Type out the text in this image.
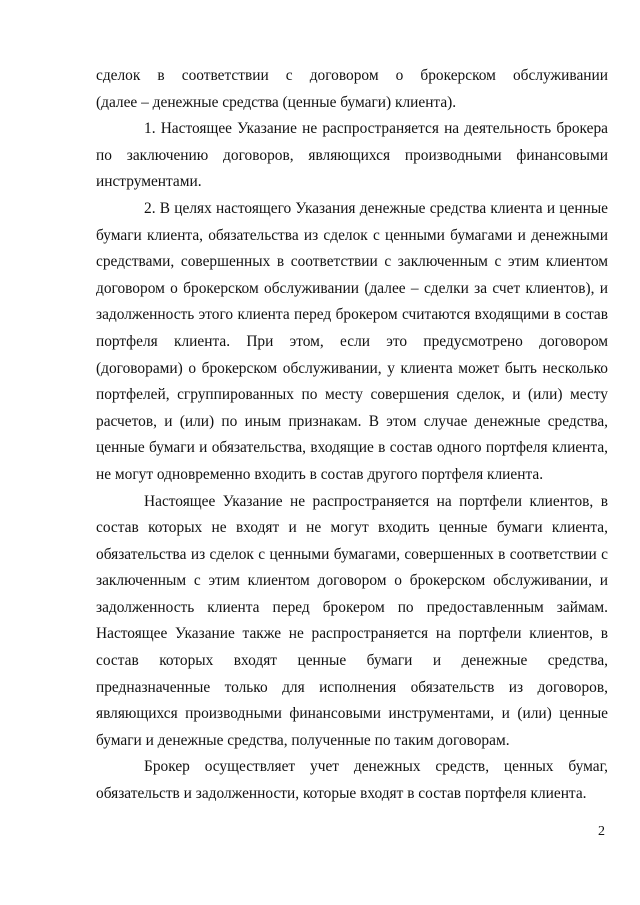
сделок в соответствии с договором о брокерском обслуживании
(далее – денежные средства (ценные бумаги) клиента).
1. Настоящее Указание не распространяется на деятельность брокера
по заключению договоров, являющихся производными финансовыми
инструментами.
2. В целях настоящего Указания денежные средства клиента и ценные
бумаги клиента, обязательства из сделок с ценными бумагами и денежными
средствами, совершенных в соответствии с заключенным с этим клиентом
договором о брокерском обслуживании (далее – сделки за счет клиентов), и
задолженность этого клиента перед брокером считаются входящими в состав
портфеля клиента. При этом, если это предусмотрено договором
(договорами) о брокерском обслуживании, у клиента может быть несколько
портфелей, сгруппированных по месту совершения сделок, и (или) месту
расчетов, и (или) по иным признакам. В этом случае денежные средства,
ценные бумаги и обязательства, входящие в состав одного портфеля клиента,
не могут одновременно входить в состав другого портфеля клиента.
Настоящее Указание не распространяется на портфели клиентов, в
состав которых не входят и не могут входить ценные бумаги клиента,
обязательства из сделок с ценными бумагами, совершенных в соответствии с
заключенным с этим клиентом договором о брокерском обслуживании, и
задолженность клиента перед брокером по предоставленным займам.
Настоящее Указание также не распространяется на портфели клиентов, в
состав которых входят ценные бумаги и денежные средства,
предназначенные только для исполнения обязательств из договоров,
являющихся производными финансовыми инструментами, и (или) ценные
бумаги и денежные средства, полученные по таким договорам.
Брокер осуществляет учет денежных средств, ценных бумаг,
обязательств и задолженности, которые входят в состав портфеля клиента.
2
